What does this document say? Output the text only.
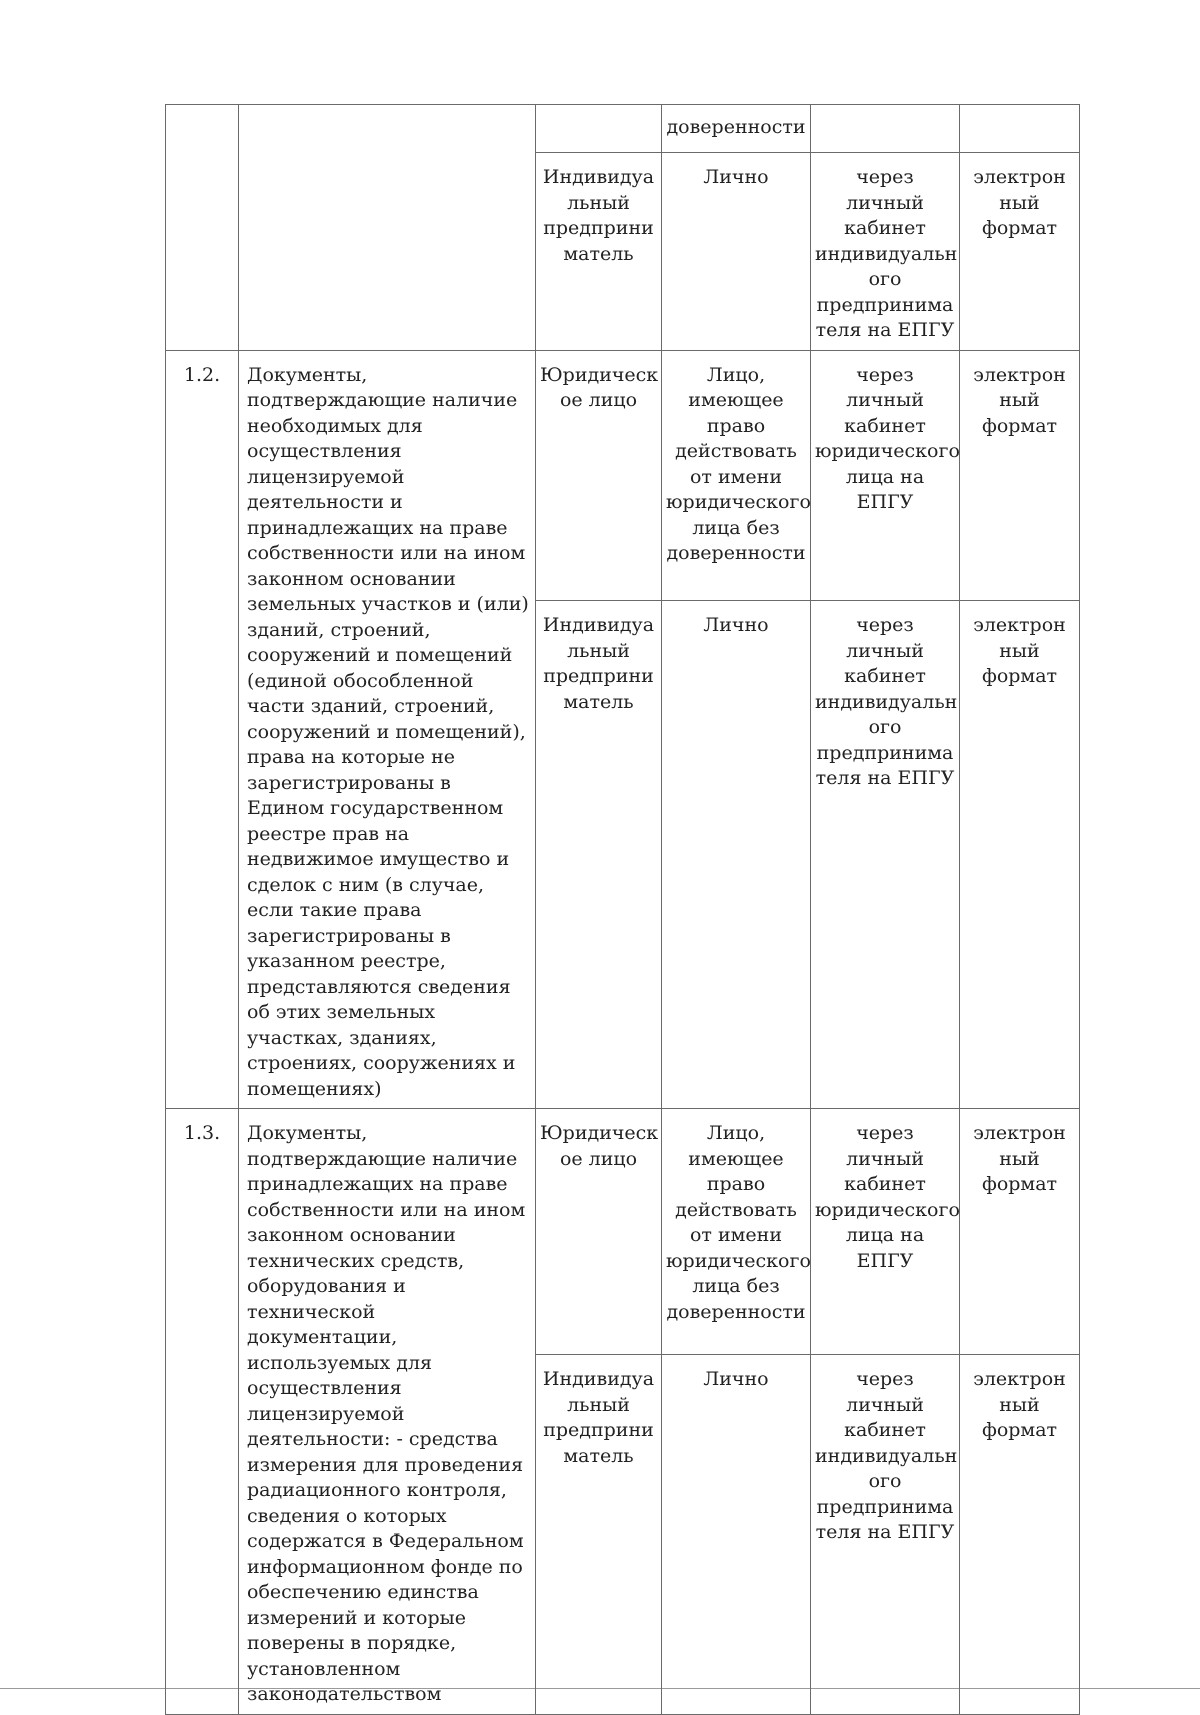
			доверенности		

		Индивидуа льный предприни матель	Лично	через личный кабинет индивидуальн ого предпринима теля на ЕПГУ	электрон ный формат

1.2.	Документы, подтверждающие наличие необходимых для осуществления лицензируемой деятельности и принадлежащих на праве собственности или на ином законном основании земельных участков и (или) зданий, строений, сооружений и помещений (единой обособленной части зданий, строений, сооружений и помещений), права на которые не зарегистрированы в Едином государственном реестре прав на недвижимое имущество и сделок с ним (в случае, если такие права зарегистрированы в указанном реестре, представляются сведения об этих земельных участках, зданиях, строениях, сооружениях и помещениях)	Юридическ ое лицо	Лицо, имеющее право действовать от имени юридического лица без доверенности	через личный кабинет юридического лица на ЕПГУ	электрон ный формат

		Индивидуа льный предприни матель	Лично	через личный кабинет индивидуальн ого предпринима теля на ЕПГУ	электрон ный формат

1.3.	Документы, подтверждающие наличие принадлежащих на праве собственности или на ином законном основании технических средств, оборудования и технической документации, используемых для осуществления лицензируемой деятельности: - средства измерения для проведения радиационного контроля, сведения о которых содержатся в Федеральном информационном фонде по обеспечению единства измерений и которые поверены в порядке, установленном законодательством	Юридическ ое лицо	Лицо, имеющее право действовать от имени юридического лица без доверенности	через личный кабинет юридического лица на ЕПГУ	электрон ный формат

		Индивидуа льный предприни матель	Лично	через личный кабинет индивидуальн ого предпринима теля на ЕПГУ	электрон ный формат
